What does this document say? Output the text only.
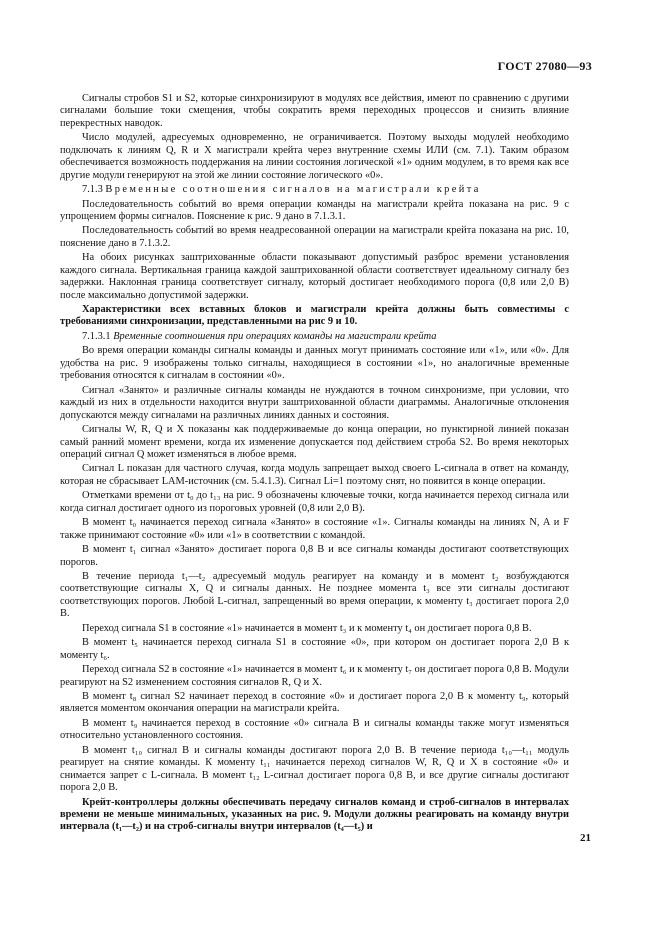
ГОСТ 27080—93

Сигналы стробов S1 и S2, которые синхронизируют в модулях все действия, имеют по сравнению с другими сигналами большие токи смещения, чтобы сократить время переходных процессов и снизить влияние перекрестных наводок.

Число модулей, адресуемых одновременно, не ограничивается. Поэтому выходы модулей необходимо подключать к линиям Q, R и X магистрали крейта через внутренние схемы ИЛИ (см. 7.1). Таким образом обеспечивается возможность поддержания на линии состояния логической «1» одним модулем, в то время как все другие модули генерируют на этой же линии состояние логического «0».

7.1.3 Временные соотношения сигналов на магистрали крейта

Последовательность событий во время операции команды на магистрали крейта показана на рис. 9 с упрощением формы сигналов. Пояснение к рис. 9 дано в 7.1.3.1.

Последовательность событий во время неадресованной операции на магистрали крейта показана на рис. 10, пояснение дано в 7.1.3.2.

На обоих рисунках заштрихованные области показывают допустимый разброс времени установления каждого сигнала. Вертикальная граница каждой заштрихованной области соответствует идеальному сигналу без задержки. Наклонная граница соответствует сигналу, который достигает необходимого порога (0,8 или 2,0 В) после максимально допустимой задержки.

Характеристики всех вставных блоков и магистрали крейта должны быть совместимы с требованиями синхронизации, представленными на рис 9 и 10.

7.1.3.1 Временные соотношения при операциях команды на магистрали крейта

Во время операции команды сигналы команды и данных могут принимать состояние или «1», или «0». Для удобства на рис. 9 изображены только сигналы, находящиеся в состоянии «1», но аналогичные временные требования относятся к сигналам в состоянии «0».

Сигнал «Занято» и различные сигналы команды не нуждаются в точном синхронизме, при условии, что каждый из них в отдельности находится внутри заштрихованной области диаграммы. Аналогичные отклонения допускаются между сигналами на различных линиях данных и состояния.

Сигналы W, R, Q и X показаны как поддерживаемые до конца операции, но пунктирной линией показан самый ранний момент времени, когда их изменение допускается под действием строба S2. Во время некоторых операций сигнал Q может изменяться в любое время.

Сигнал L показан для частного случая, когда модуль запрещает выход своего L-сигнала в ответ на команду, которая не сбрасывает LAM-источник (см. 5.4.1.3). Сигнал Li=1 поэтому снят, но появится в конце операции.

Отметками времени от t₀ до t₁₃ на рис. 9 обозначены ключевые точки, когда начинается переход сигнала или когда сигнал достигает одного из пороговых уровней (0,8 или 2,0 В).

В момент t₀ начинается переход сигнала «Занято» в состояние «1». Сигналы команды на линиях N, A и F также принимают состояние «0» или «1» в соответствии с командой.

В момент t₁ сигнал «Занято» достигает порога 0,8 В и все сигналы команды достигают соответствующих порогов.

В течение периода t₁—t₂ адресуемый модуль реагирует на команду и в момент t₂ возбуждаются соответствующие сигналы X, Q и сигналы данных. Не позднее момента t₃ все эти сигналы достигают соответствующих порогов. Любой L-сигнал, запрещенный во время операции, к моменту t₃ достигает порога 2,0 В.

Переход сигнала S1 в состояние «1» начинается в момент t₃ и к моменту t₄ он достигает порога 0,8 В.

В момент t₅ начинается переход сигнала S1 в состояние «0», при котором он достигает порога 2,0 В к моменту t₆.

Переход сигнала S2 в состояние «1» начинается в момент t₆ и к моменту t₇ он достигает порога 0,8 В. Модули реагируют на S2 изменением состояния сигналов R, Q и X.

В момент t₈ сигнал S2 начинает переход в состояние «0» и достигает порога 2,0 В к моменту t₉, который является моментом окончания операции на магистрали крейта.

В момент t₉ начинается переход в состояние «0» сигнала В и сигналы команды также могут изменяться относительно установленного состояния.

В момент t₁₀ сигнал В и сигналы команды достигают порога 2,0 В. В течение периода t₁₀—t₁₁ модуль реагирует на снятие команды. К моменту t₁₁ начинается переход сигналов W, R, Q и X в состояние «0» и снимается запрет с L-сигнала. В момент t₁₂ L-сигнал достигает порога 0,8 В, и все другие сигналы достигают порога 2,0 В.

Крейт-контроллеры должны обеспечивать передачу сигналов команд и строб-сигналов в интервалах времени не меньше минимальных, указанных на рис. 9. Модули должны реагировать на команду внутри интервала (t₁—t₂) и на строб-сигналы внутри интервалов (t₄—t₅) и

21
